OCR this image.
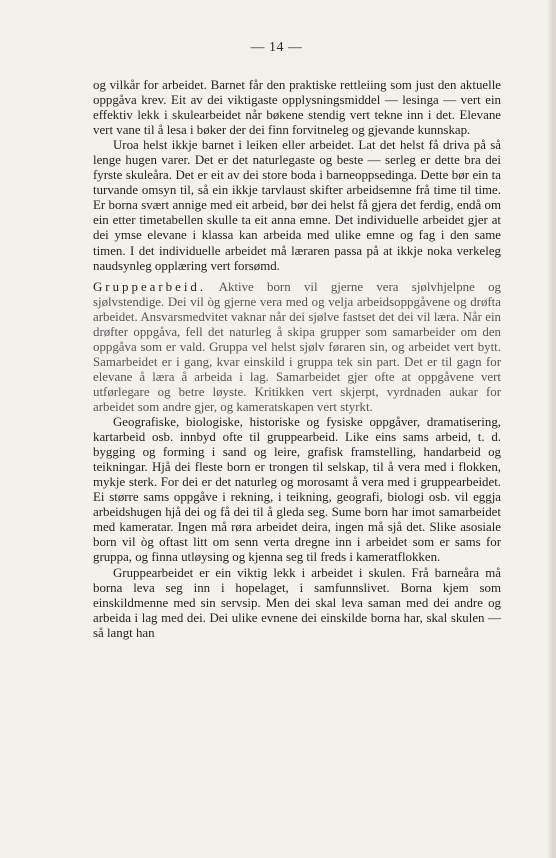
— 14 —

og vilkår for arbeidet. Barnet får den praktiske rettleiing som just den aktuelle oppgåva krev. Eit av dei viktigaste opplysningsmiddel — lesinga — vert ein effektiv lekk i skulearbeidet når bøkene stendig vert tekne inn i det. Elevane vert vane til å lesa i bøker der dei finn forvitneleg og gjevande kunnskap.

Uroa helst ikkje barnet i leiken eller arbeidet. Lat det helst få driva på så lenge hugen varer. Det er det naturlegaste og beste — serleg er dette bra dei fyrste skuleåra. Det er eit av dei store boda i barneoppsedinga. Dette bør ein ta turvande omsyn til, så ein ikkje tarvlaust skifter arbeidsemne frå time til time. Er borna svært annige med eit arbeid, bør dei helst få gjera det ferdig, endå om ein etter timetabellen skulle ta eit anna emne. Det individuelle arbeidet gjer at dei ymse elevane i klassa kan arbeida med ulike emne og fag i den same timen. I det individuelle arbeidet må læraren passa på at ikkje noka verkeleg naudsynleg opplæring vert forsømd.

Gruppearbeid. Aktive born vil gjerne vera sjølvhjelpne og sjølvstendige. Dei vil òg gjerne vera med og velja arbeidsoppgåvene og drøfta arbeidet. Ansvarsmedvitet vaknar når dei sjølve fastset det dei vil læra. Når ein drøfter oppgåva, fell det naturleg å skipa grupper som samarbeider om den oppgåva som er vald. Gruppa vel helst sjølv føraren sin, og arbeidet vert bytt. Samarbeidet er i gang, kvar einskild i gruppa tek sin part. Det er til gagn for elevane å læra å arbeida i lag. Samarbeidet gjer ofte at oppgåvene vert utførlegare og betre løyste. Kritikken vert skjerpt, vyrdnaden aukar for arbeidet som andre gjer, og kameratskapen vert styrkt.

Geografiske, biologiske, historiske og fysiske oppgåver, dramatisering, kartarbeid osb. innbyd ofte til gruppearbeid. Like eins sams arbeid, t. d. bygging og forming i sand og leire, grafisk framstelling, handarbeid og teikningar. Hjå dei fleste born er trongen til selskap, til å vera med i flokken, mykje sterk. For dei er det naturleg og morosamt å vera med i gruppearbeidet. Ei større sams oppgåve i rekning, i teikning, geografi, biologi osb. vil eggja arbeidshugen hjå dei og få dei til å gleda seg. Sume born har imot samarbeidet med kameratar. Ingen må røra arbeidet deira, ingen må sjå det. Slike asosiale born vil òg oftast litt om senn verta dregne inn i arbeidet som er sams for gruppa, og finna utløysing og kjenna seg til freds i kameratflokken.

Gruppearbeidet er ein viktig lekk i arbeidet i skulen. Frå barneåra må borna leva seg inn i hopelaget, i samfunnslivet. Borna kjem som einskildmenne med sin servsip. Men dei skal leva saman med dei andre og arbeida i lag med dei. Dei ulike evnene dei einskilde borna har, skal skulen — så langt han
